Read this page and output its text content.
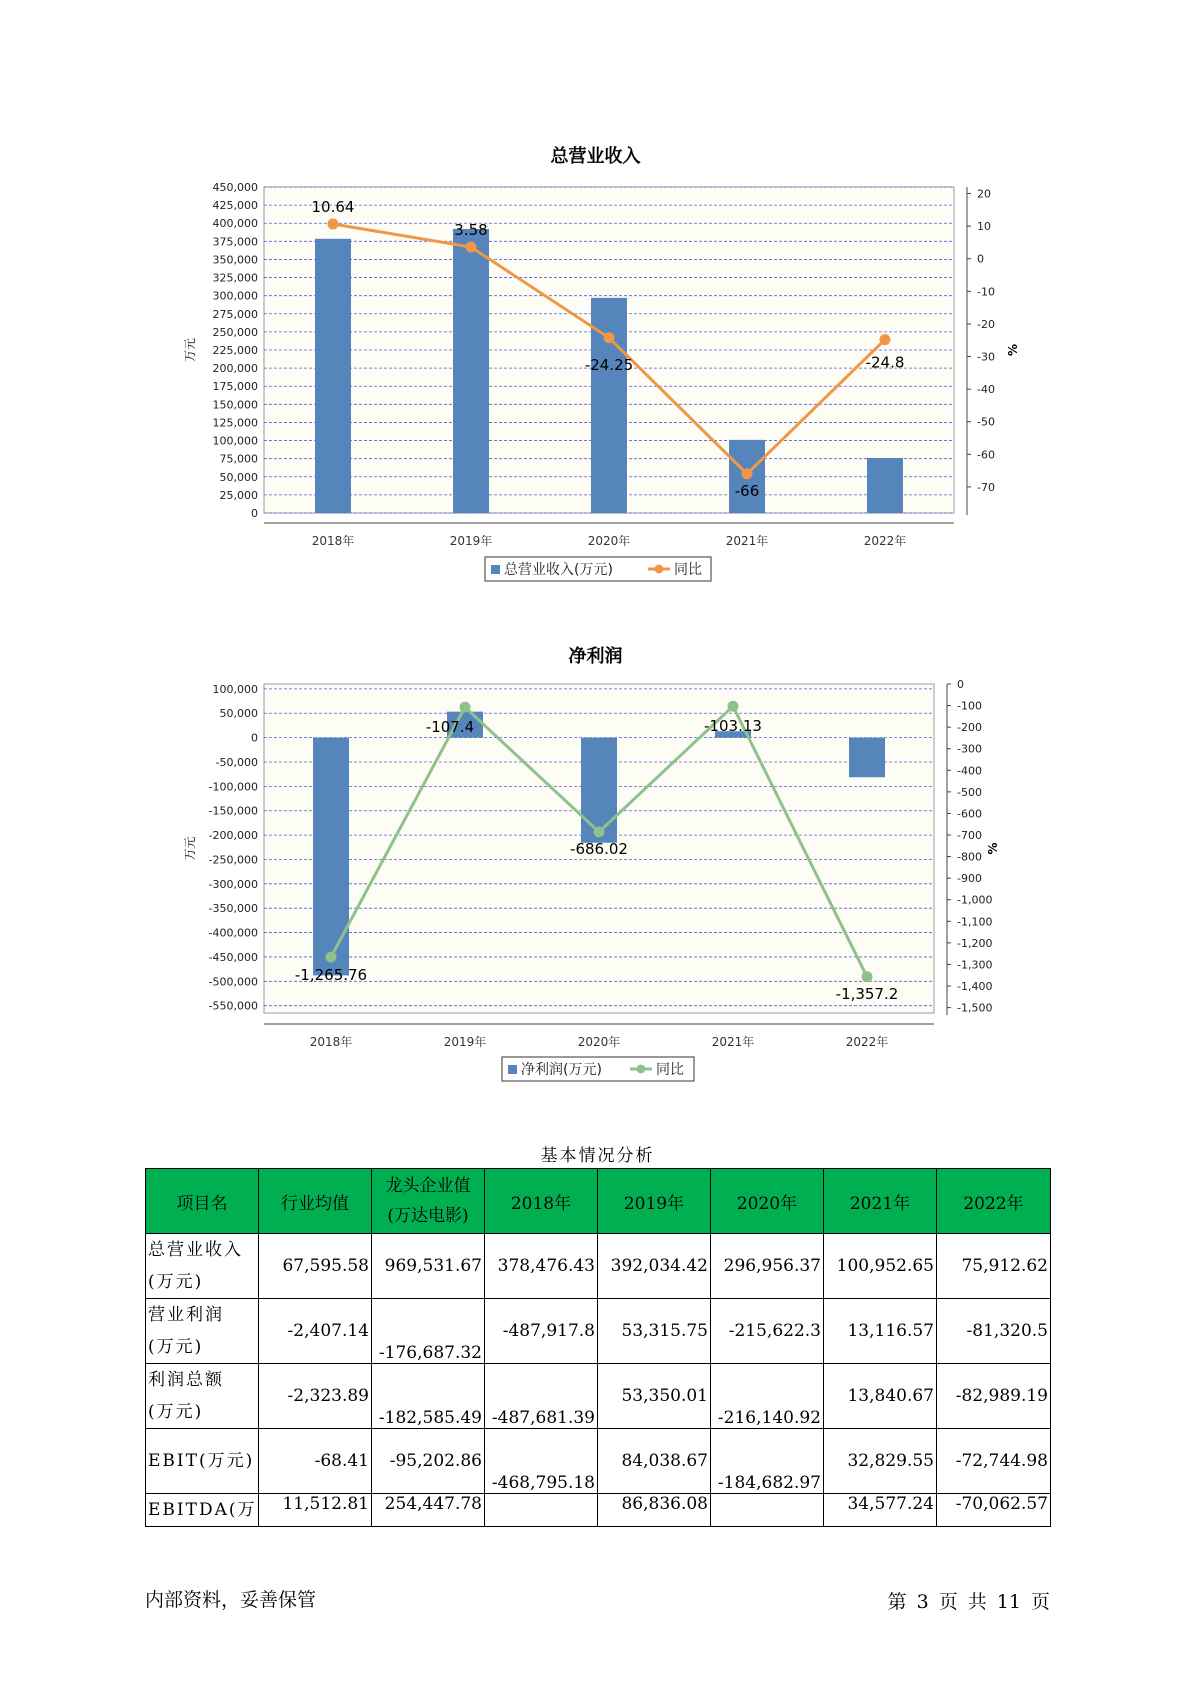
总营业收入
450,000
425,000
400,000
375,000
350,000
325,000
300,000
275,000
250,000
225,000
200,000
175,000
150,000
125,000
100,000
75,000
50,000
25,000
0
20
10
0
-10
-20
-30
-40
-50
-60
-70
万元	%
2018年	2019年	2020年	2021年	2022年
10.64
3.58
-24.25
-66
-24.8
总营业收入(万元)	同比
净利润
100,000
50,000
0
-50,000
-100,000
-150,000
-200,000
-250,000
-300,000
-350,000
-400,000
-450,000
-500,000
-550,000
0
-100
-200
-300
-400
-500
-600
-700
-800
-900
-1,000
-1,100
-1,200
-1,300
-1,400
-1,500
万元	%
2018年	2019年	2020年	2021年	2022年
-1,265.76
-107.4
-686.02
-103.13
-1,357.2
净利润(万元)	同比
基本情况分析
项目名	行业均值	龙头企业值
(万达电影)	2018年	2019年	2020年	2021年	2022年
总营业收入
(万元)	67,595.58	969,531.67	378,476.43	392,034.42	296,956.37	100,952.65	75,912.62
营业利润
(万元)	-2,407.14	-176,687.32	-487,917.8	53,315.75	-215,622.3	13,116.57	-81,320.5
利润总额
(万元)	-2,323.89	-182,585.49	-487,681.39	53,350.01	-216,140.92	13,840.67	-82,989.19
EBIT(万元)	-68.41	-95,202.86	-468,795.18	84,038.67	-184,682.97	32,829.55	-72,744.98
EBITDA(万	11,512.81	254,447.78		86,836.08		34,577.24	-70,062.57
内部资料，妥善保管	第 3 页 共 11 页
